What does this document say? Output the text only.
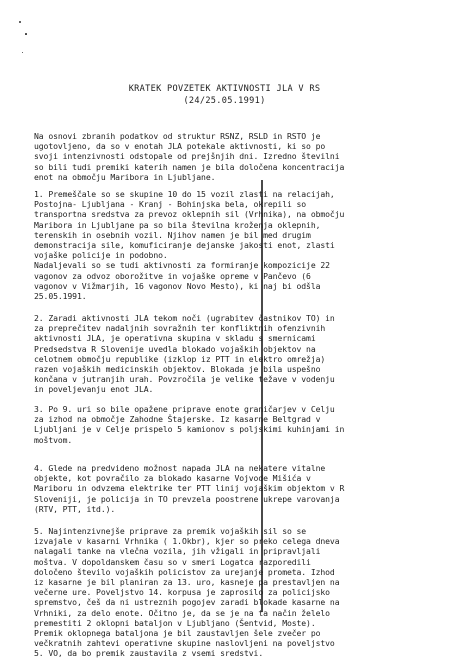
KRATEK POVZETEK AKTIVNOSTI JLA V RS
(24/25.05.1991)
Na osnovi zbranih podatkov od struktur RSNZ, RSLD in RSTO je
ugotovljeno, da so v enotah JLA potekale aktivnosti, ki so po
svoji intenzivnosti odstopale od prejšnjih dni. Izredno številni
so bili tudi premiki katerih namen je bila določena koncentracija
enot na območju Maribora in Ljubljane.
1. Premeščale so se skupine 10 do 15 vozil zlasti na relacijah,
Postojna- Ljubljana - Kranj - Bohinjska bela, okrepili so
transportna sredstva za prevoz oklepnih sil (Vrhnika), na območju
Maribora in Ljubljane pa so bila številna kroženja oklepnih,
terenskih in osebnih vozil. Njihov namen je bil med drugim
demonstracija sile, komuficiranje dejanske jakosti enot, zlasti
vojaške policije in podobno.
Nadaljevali so se tudi aktivnosti za formiranje kompozicije 22
vagonov za odvoz oborožitve in vojaške opreme v Pančevo (6
vagonov v Vižmarjih, 16 vagonov Novo Mesto), ki naj bi odšla
25.05.1991.
2. Zaradi aktivnosti JLA tekom noči (ugrabitev častnikov TO) in
za preprečitev nadaljnih sovražnih ter konfliktnih ofenzivnih
aktivnosti JLA, je operativna skupina v skladu s smernicami
Predsedstva R Slovenije uvedla blokado vojaških objektov na
celotnem območju republike (izklop iz PTT in elektro omrežja)
razen vojaških medicinskih objektov. Blokada je bila uspešno
končana v jutranjih urah. Povzročila je velike težave v vodenju
in poveljevanju enot JLA.
3. Po 9. uri so bile opažene priprave enote graničarjev v Celju
za izhod na območje Zahodne Štajerske. Iz kasarne Beltgrad v
Ljubljani je v Celje prispelo 5 kamionov s poljskimi kuhinjami in
moštvom.
4. Glede na predvideno možnost napada JLA na nekatere vitalne
objekte, kot povračilo za blokado kasarne Vojvode Mišića v
Mariboru in odvzema elektrike ter PTT linij vojaškim objektom v R
Sloveniji, je policija in TO prevzela poostrene ukrepe varovanja
(RTV, PTT, itd.).
5. Najintenzivnejše priprave za premik vojaških sil so se
izvajale v kasarni Vrhnika ( 1.Okbr), kjer so preko celega dneva
nalagali tanke na vlečna vozila, jih vžigali in pripravljali
moštva. V dopoldanskem času so v smeri Logatca razporedili
določeno število vojaških policistov za urejanje prometa. Izhod
iz kasarne je bil planiran za 13. uro, kasneje pa prestavljen na
večerne ure. Poveljstvo 14. korpusa je zaprosilo za policijsko
spremstvo, češ da ni ustreznih pogojev zaradi blokade kasarne na
Vrhniki, za delo enote. Očitno je, da se je na ta način želelo
premestiti 2 oklopni bataljon v Ljubljano (Šentvid, Moste).
Premik oklopnega bataljona je bil zaustavljen šele zvečer po
večkratnih zahtevi operativne skupine naslovljeni na poveljstvo
5. VO, da bo premik zaustavila z vsemi sredstvi.
